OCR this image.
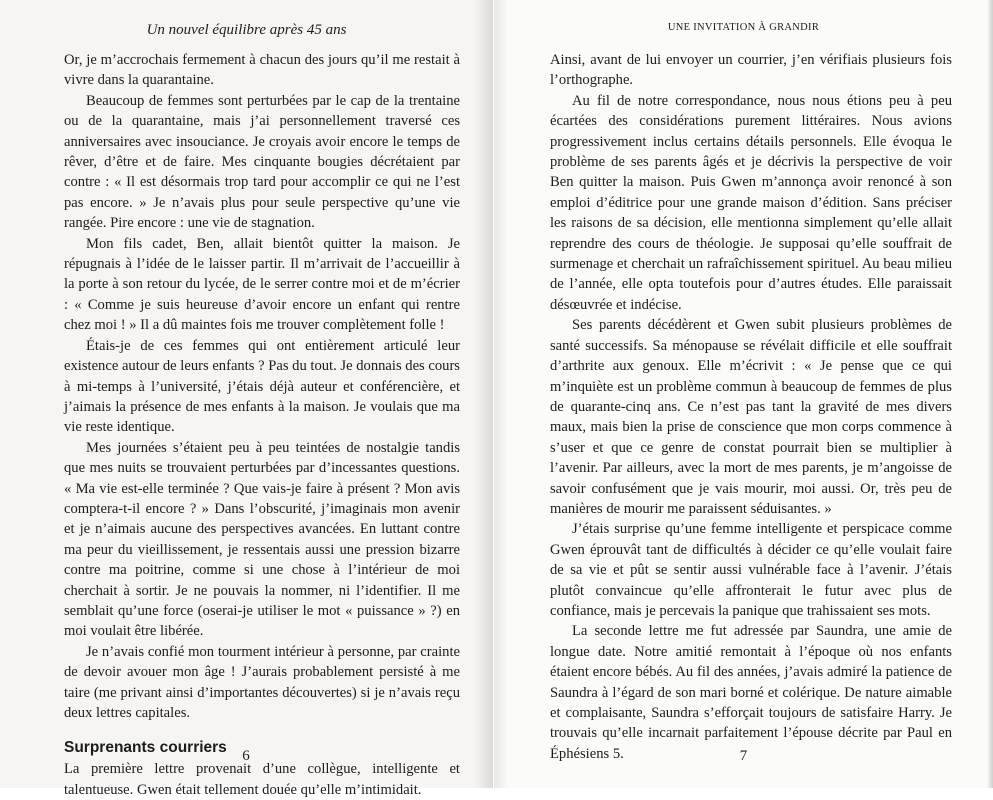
Un nouvel équilibre après 45 ans

Or, je m’accrochais fermement à chacun des jours qu’il me restait à vivre dans la quarantaine.

Beaucoup de femmes sont perturbées par le cap de la trentaine ou de la quarantaine, mais j’ai personnellement traversé ces anniversaires avec insouciance. Je croyais avoir encore le temps de rêver, d’être et de faire. Mes cinquante bougies décrétaient par contre : « Il est désormais trop tard pour accomplir ce qui ne l’est pas encore. » Je n’avais plus pour seule perspective qu’une vie rangée. Pire encore : une vie de stagnation.

Mon fils cadet, Ben, allait bientôt quitter la maison. Je répugnais à l’idée de le laisser partir. Il m’arrivait de l’accueillir à la porte à son retour du lycée, de le serrer contre moi et de m’écrier : « Comme je suis heureuse d’avoir encore un enfant qui rentre chez moi ! » Il a dû maintes fois me trouver complètement folle !

Étais-je de ces femmes qui ont entièrement articulé leur existence autour de leurs enfants ? Pas du tout. Je donnais des cours à mi-temps à l’université, j’étais déjà auteur et conférencière, et j’aimais la présence de mes enfants à la maison. Je voulais que ma vie reste identique.

Mes journées s’étaient peu à peu teintées de nostalgie tandis que mes nuits se trouvaient perturbées par d’incessantes questions. « Ma vie est-elle terminée ? Que vais-je faire à présent ? Mon avis comptera-t-il encore ? » Dans l’obscurité, j’imaginais mon avenir et je n’aimais aucune des perspectives avancées. En luttant contre ma peur du vieillissement, je ressentais aussi une pression bizarre contre ma poitrine, comme si une chose à l’intérieur de moi cherchait à sortir. Je ne pouvais la nommer, ni l’identifier. Il me semblait qu’une force (oserai-je utiliser le mot « puissance » ?) en moi voulait être libérée.

Je n’avais confié mon tourment intérieur à personne, par crainte de devoir avouer mon âge ! J’aurais probablement persisté à me taire (me privant ainsi d’importantes découvertes) si je n’avais reçu deux lettres capitales.

Surprenants courriers

La première lettre provenait d’une collègue, intelligente et talentueuse. Gwen était tellement douée qu’elle m’intimidait.

6
UNE INVITATION À GRANDIR

Ainsi, avant de lui envoyer un courrier, j’en vérifiais plusieurs fois l’orthographe.

Au fil de notre correspondance, nous nous étions peu à peu écartées des considérations purement littéraires. Nous avions progressivement inclus certains détails personnels. Elle évoqua le problème de ses parents âgés et je décrivis la perspective de voir Ben quitter la maison. Puis Gwen m’annonça avoir renoncé à son emploi d’éditrice pour une grande maison d’édition. Sans préciser les raisons de sa décision, elle mentionna simplement qu’elle allait reprendre des cours de théologie. Je supposai qu’elle souffrait de surmenage et cherchait un rafraîchissement spirituel. Au beau milieu de l’année, elle opta toutefois pour d’autres études. Elle paraissait désœuvrée et indécise.

Ses parents décédèrent et Gwen subit plusieurs problèmes de santé successifs. Sa ménopause se révélait difficile et elle souffrait d’arthrite aux genoux. Elle m’écrivit : « Je pense que ce qui m’inquiète est un problème commun à beaucoup de femmes de plus de quarante-cinq ans. Ce n’est pas tant la gravité de mes divers maux, mais bien la prise de conscience que mon corps commence à s’user et que ce genre de constat pourrait bien se multiplier à l’avenir. Par ailleurs, avec la mort de mes parents, je m’angoisse de savoir confusément que je vais mourir, moi aussi. Or, très peu de manières de mourir me paraissent séduisantes. »

J’étais surprise qu’une femme intelligente et perspicace comme Gwen éprouvât tant de difficultés à décider ce qu’elle voulait faire de sa vie et pût se sentir aussi vulnérable face à l’avenir. J’étais plutôt convaincue qu’elle affronterait le futur avec plus de confiance, mais je percevais la panique que trahissaient ses mots.

La seconde lettre me fut adressée par Saundra, une amie de longue date. Notre amitié remontait à l’époque où nos enfants étaient encore bébés. Au fil des années, j’avais admiré la patience de Saundra à l’égard de son mari borné et colérique. De nature aimable et complaisante, Saundra s’efforçait toujours de satisfaire Harry. Je trouvais qu’elle incarnait parfaitement l’épouse décrite par Paul en Éphésiens 5.	7
